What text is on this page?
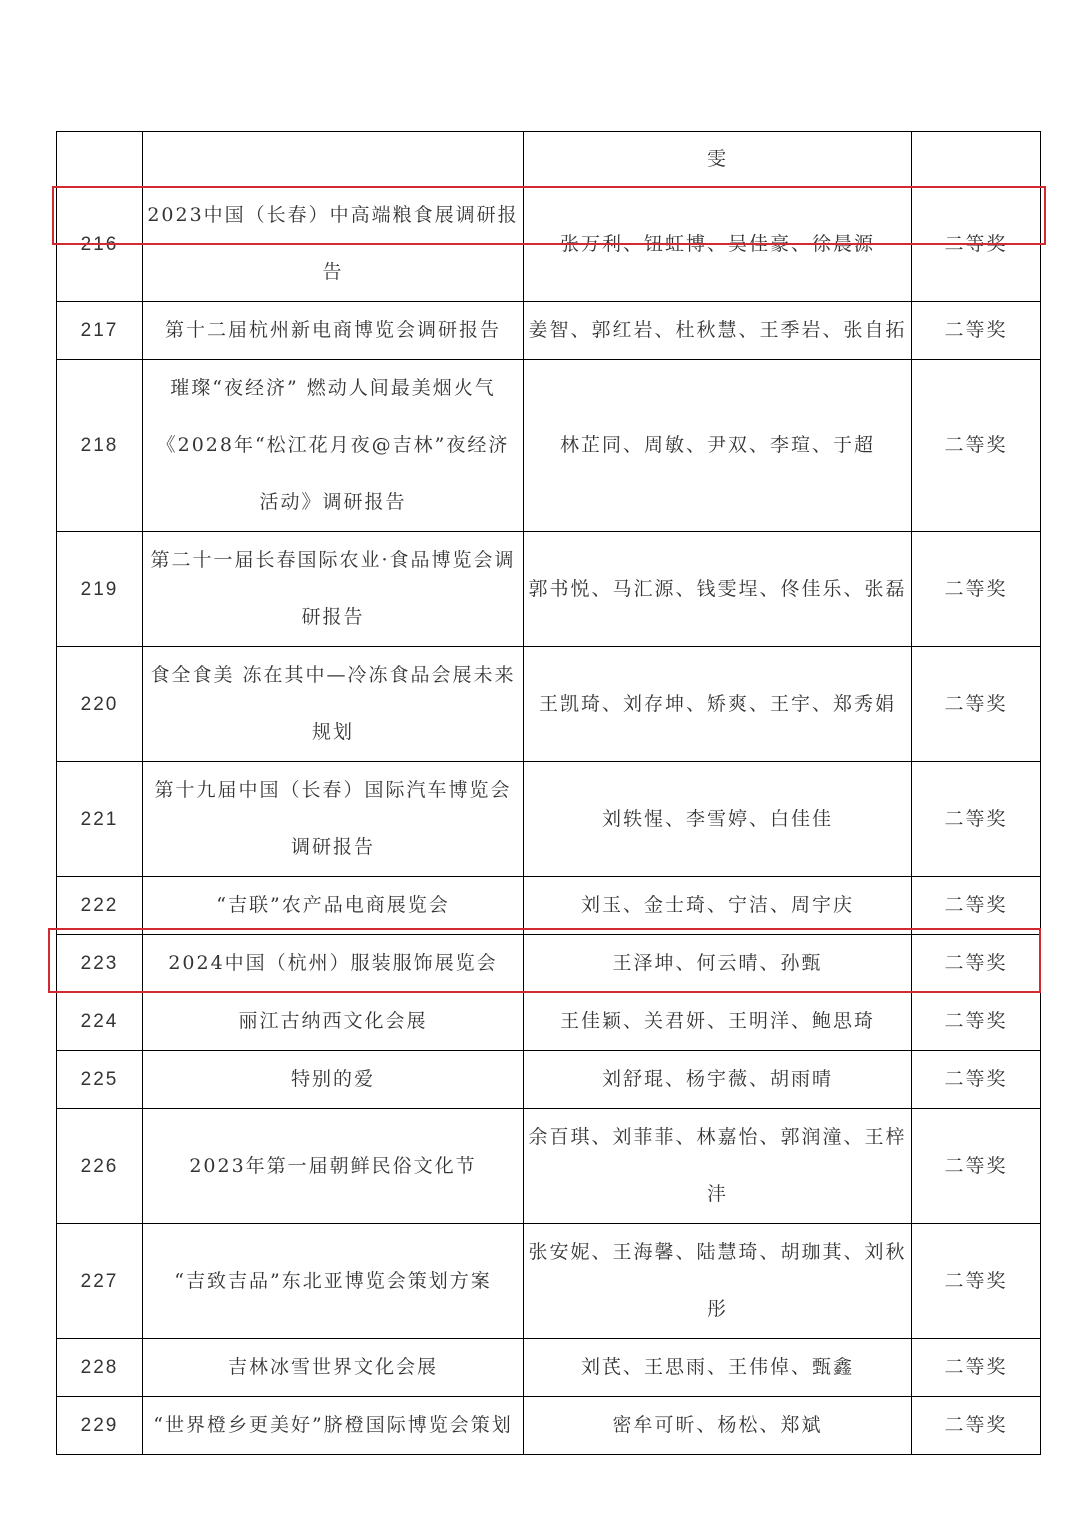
		雯	
216	2023中国（长春）中高端粮食展调研报告	张万利、钮虹博、吴佳豪、徐晨源	二等奖
217	第十二届杭州新电商博览会调研报告	姜智、郭红岩、杜秋慧、王季岩、张自拓	二等奖
218	璀璨“夜经济” 燃动人间最美烟火气《2028年“松江花月夜@吉林”夜经济活动》调研报告	林芷同、周敏、尹双、李瑄、于超	二等奖
219	第二十一届长春国际农业·食品博览会调研报告	郭书悦、马汇源、钱雯埕、佟佳乐、张磊	二等奖
220	食全食美 冻在其中—冷冻食品会展未来规划	王凯琦、刘存坤、矫爽、王宇、郑秀娟	二等奖
221	第十九届中国（长春）国际汽车博览会调研报告	刘轶惺、李雪婷、白佳佳	二等奖
222	“吉联”农产品电商展览会	刘玉、金士琦、宁洁、周宇庆	二等奖
223	2024中国（杭州）服装服饰展览会	王泽坤、何云晴、孙甄	二等奖
224	丽江古纳西文化会展	王佳颖、关君妍、王明洋、鲍思琦	二等奖
225	特别的爱	刘舒琨、杨宇薇、胡雨晴	二等奖
226	2023年第一届朝鲜民俗文化节	余百琪、刘菲菲、林嘉怡、郭润潼、王梓沣	二等奖
227	“吉致吉品”东北亚博览会策划方案	张安妮、王海馨、陆慧琦、胡珈萁、刘秋彤	二等奖
228	吉林冰雪世界文化会展	刘芪、王思雨、王伟倬、甄鑫	二等奖
229	“世界橙乡更美好”脐橙国际博览会策划	密牟可昕、杨松、郑斌	二等奖
